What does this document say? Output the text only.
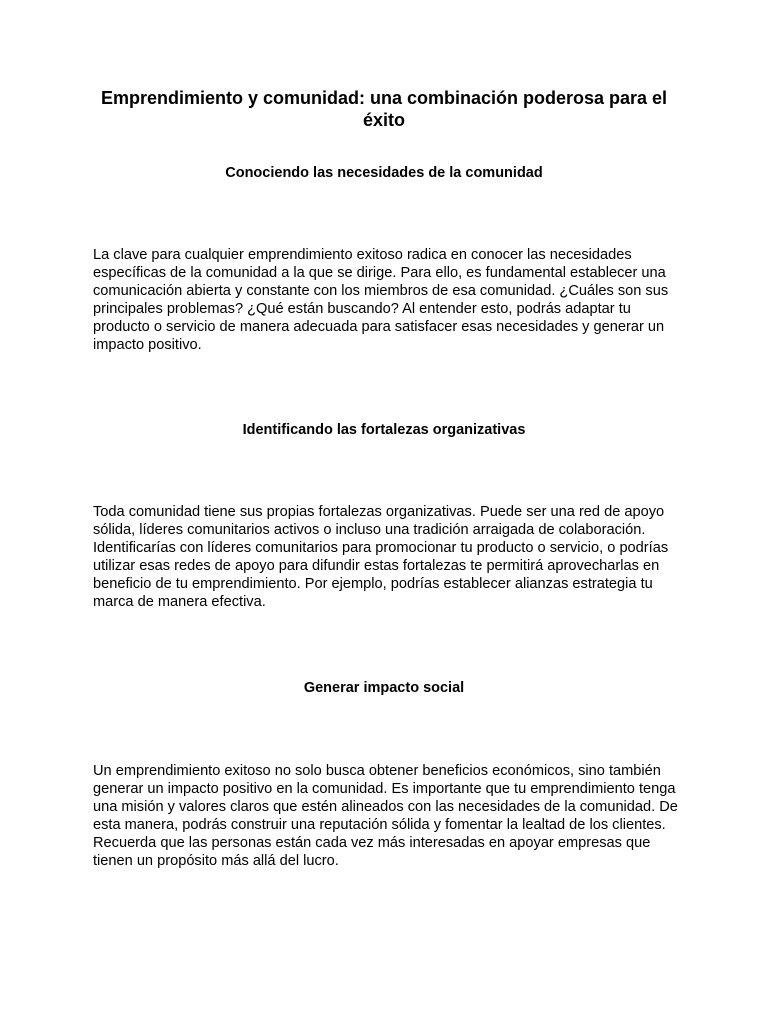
Emprendimiento y comunidad: una combinación poderosa para el éxito
Conociendo las necesidades de la comunidad

La clave para cualquier emprendimiento exitoso radica en conocer las necesidades específicas de la comunidad a la que se dirige. Para ello, es fundamental establecer una comunicación abierta y constante con los miembros de esa comunidad. ¿Cuáles son sus principales problemas? ¿Qué están buscando? Al entender esto, podrás adaptar tu producto o servicio de manera adecuada para satisfacer esas necesidades y generar un impacto positivo.

Identificando las fortalezas organizativas

Toda comunidad tiene sus propias fortalezas organizativas. Puede ser una red de apoyo sólida, líderes comunitarios activos o incluso una tradición arraigada de colaboración. Identificarías con líderes comunitarios para promocionar tu producto o servicio, o podrías utilizar esas redes de apoyo para difundir estas fortalezas te permitirá aprovecharlas en beneficio de tu emprendimiento. Por ejemplo, podrías establecer alianzas estrategia tu marca de manera efectiva.

Generar impacto social

Un emprendimiento exitoso no solo busca obtener beneficios económicos, sino también generar un impacto positivo en la comunidad. Es importante que tu emprendimiento tenga una misión y valores claros que estén alineados con las necesidades de la comunidad. De esta manera, podrás construir una reputación sólida y fomentar la lealtad de los clientes. Recuerda que las personas están cada vez más interesadas en apoyar empresas que tienen un propósito más allá del lucro.
